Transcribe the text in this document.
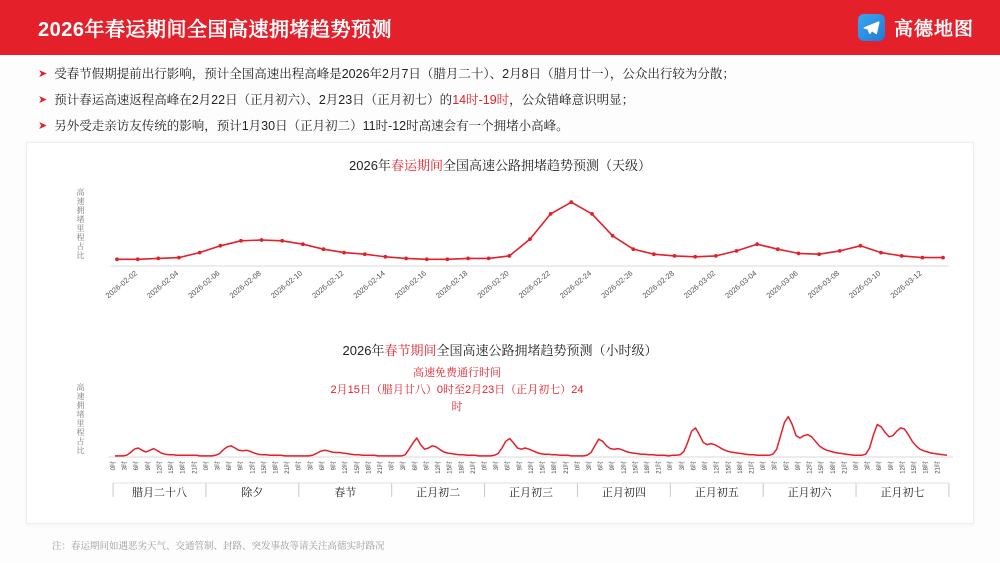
2026年春运期间全国高速拥堵趋势预测	高德地图
➤ 受春节假期提前出行影响，预计全国高速出程高峰是2026年2月7日（腊月二十）、2月8日（腊月廿一），公众出行较为分散；
➤ 预计春运高速返程高峰在2月22日（正月初六）、2月23日（正月初七）的 14时-19时 ，公众错峰意识明显；
➤ 另外受走亲访友传统的影响，预计1月30日（正月初二）11时-12时高速会有一个拥堵小高峰。
2026年春运期间全国高速公路拥堵趋势预测（天级）
高速拥堵里程占比
2026-02-02 2026-02-04 2026-02-06 2026-02-08 2026-02-10 2026-02-12 2026-02-14 2026-02-16 2026-02-18 2026-02-20 2026-02-22 2026-02-24 2026-02-26 2026-02-28 2026-03-02 2026-03-04 2026-03-06 2026-03-08 2026-03-10 2026-03-12
2026年春节期间全国高速公路拥堵趋势预测（小时级）
高速免费通行时间
2月15日（腊月廿八）0时至2月23日（正月初七）24时
高速拥堵里程占比
0时 3时 6时 9时 12时 15时 18时 21时 0时 3时 6时 9时 12时 15时 18时 21时 0时 3时 6时 9时 12时 15时 18时 21时 0时 3时 6时 9时 12时 15时 18时 21时 0时 3时 6时 9时 12时 15时 18时 21时 0时 3时 6时 9时 12时 15时 18时 21时 0时 3时 6时 9时 12时 15时 18时 21时 0时 3时 6时 9时 12时 15时 18时 21时 0时 3时 6时 9时 12时 15时 18时 21时
腊月二十八	除夕	春节	正月初二	正月初三	正月初四	正月初五	正月初六	正月初七
注：春运期间如遇恶劣天气、交通管制、封路、突发事故等请关注高德实时路况
